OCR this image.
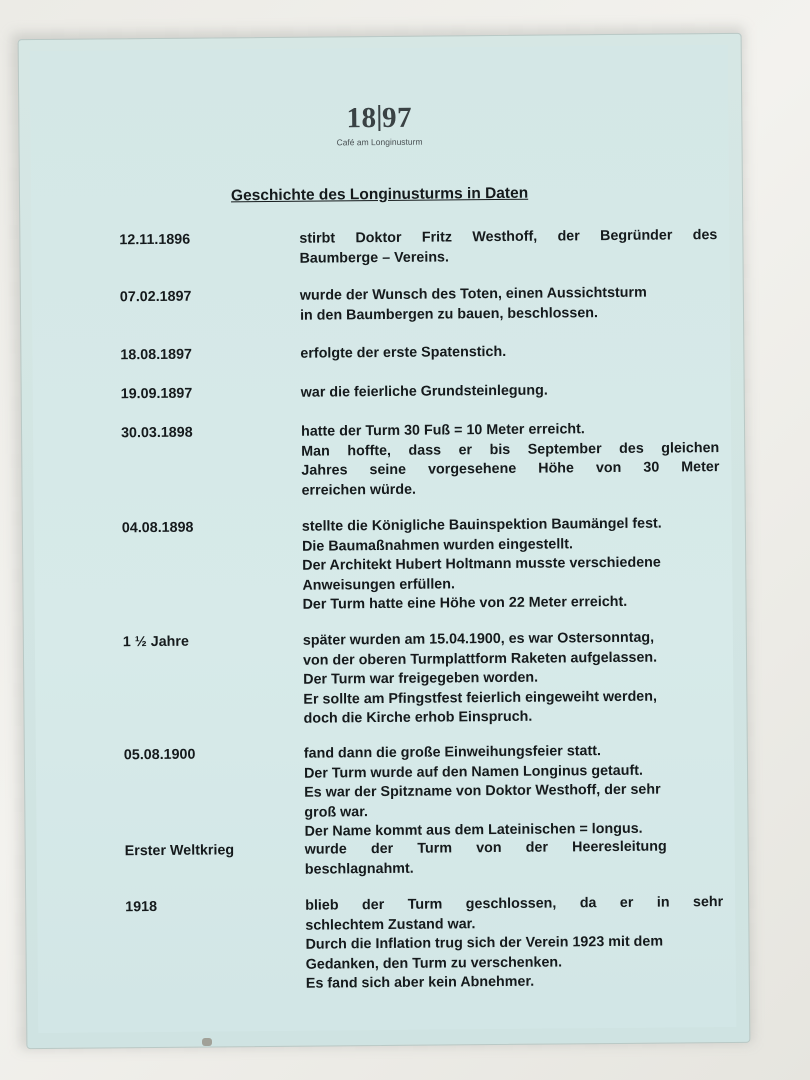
18 97
Café am Longinusturm
Geschichte des Longinusturms in Daten
12.11.1896	stirbt Doktor Fritz Westhoff, der Begründer des
Baumberge – Vereins.
07.02.1897	wurde der Wunsch des Toten, einen Aussichtsturm
in den Baumbergen zu bauen, beschlossen.
18.08.1897	erfolgte der erste Spatenstich.
19.09.1897	war die feierliche Grundsteinlegung.
30.03.1898	hatte der Turm 30 Fuß = 10 Meter erreicht.
Man hoffte, dass er bis September des gleichen
Jahres seine vorgesehene Höhe von 30 Meter
erreichen würde.
04.08.1898	stellte die Königliche Bauinspektion Baumängel fest.
Die Baumaßnahmen wurden eingestellt.
Der Architekt Hubert Holtmann musste verschiedene
Anweisungen erfüllen.
Der Turm hatte eine Höhe von 22 Meter erreicht.
1 ½ Jahre	später wurden am 15.04.1900, es war Ostersonntag,
von der oberen Turmplattform Raketen aufgelassen.
Der Turm war freigegeben worden.
Er sollte am Pfingstfest feierlich eingeweiht werden,
doch die Kirche erhob Einspruch.
05.08.1900	fand dann die große Einweihungsfeier statt.
Der Turm wurde auf den Namen Longinus getauft.
Es war der Spitzname von Doktor Westhoff, der sehr
groß war.
Der Name kommt aus dem Lateinischen = longus.
Erster Weltkrieg	wurde der Turm von der Heeresleitung
beschlagnahmt.
1918	blieb der Turm geschlossen, da er in sehr
schlechtem Zustand war.
Durch die Inflation trug sich der Verein 1923 mit dem
Gedanken, den Turm zu verschenken.
Es fand sich aber kein Abnehmer.
